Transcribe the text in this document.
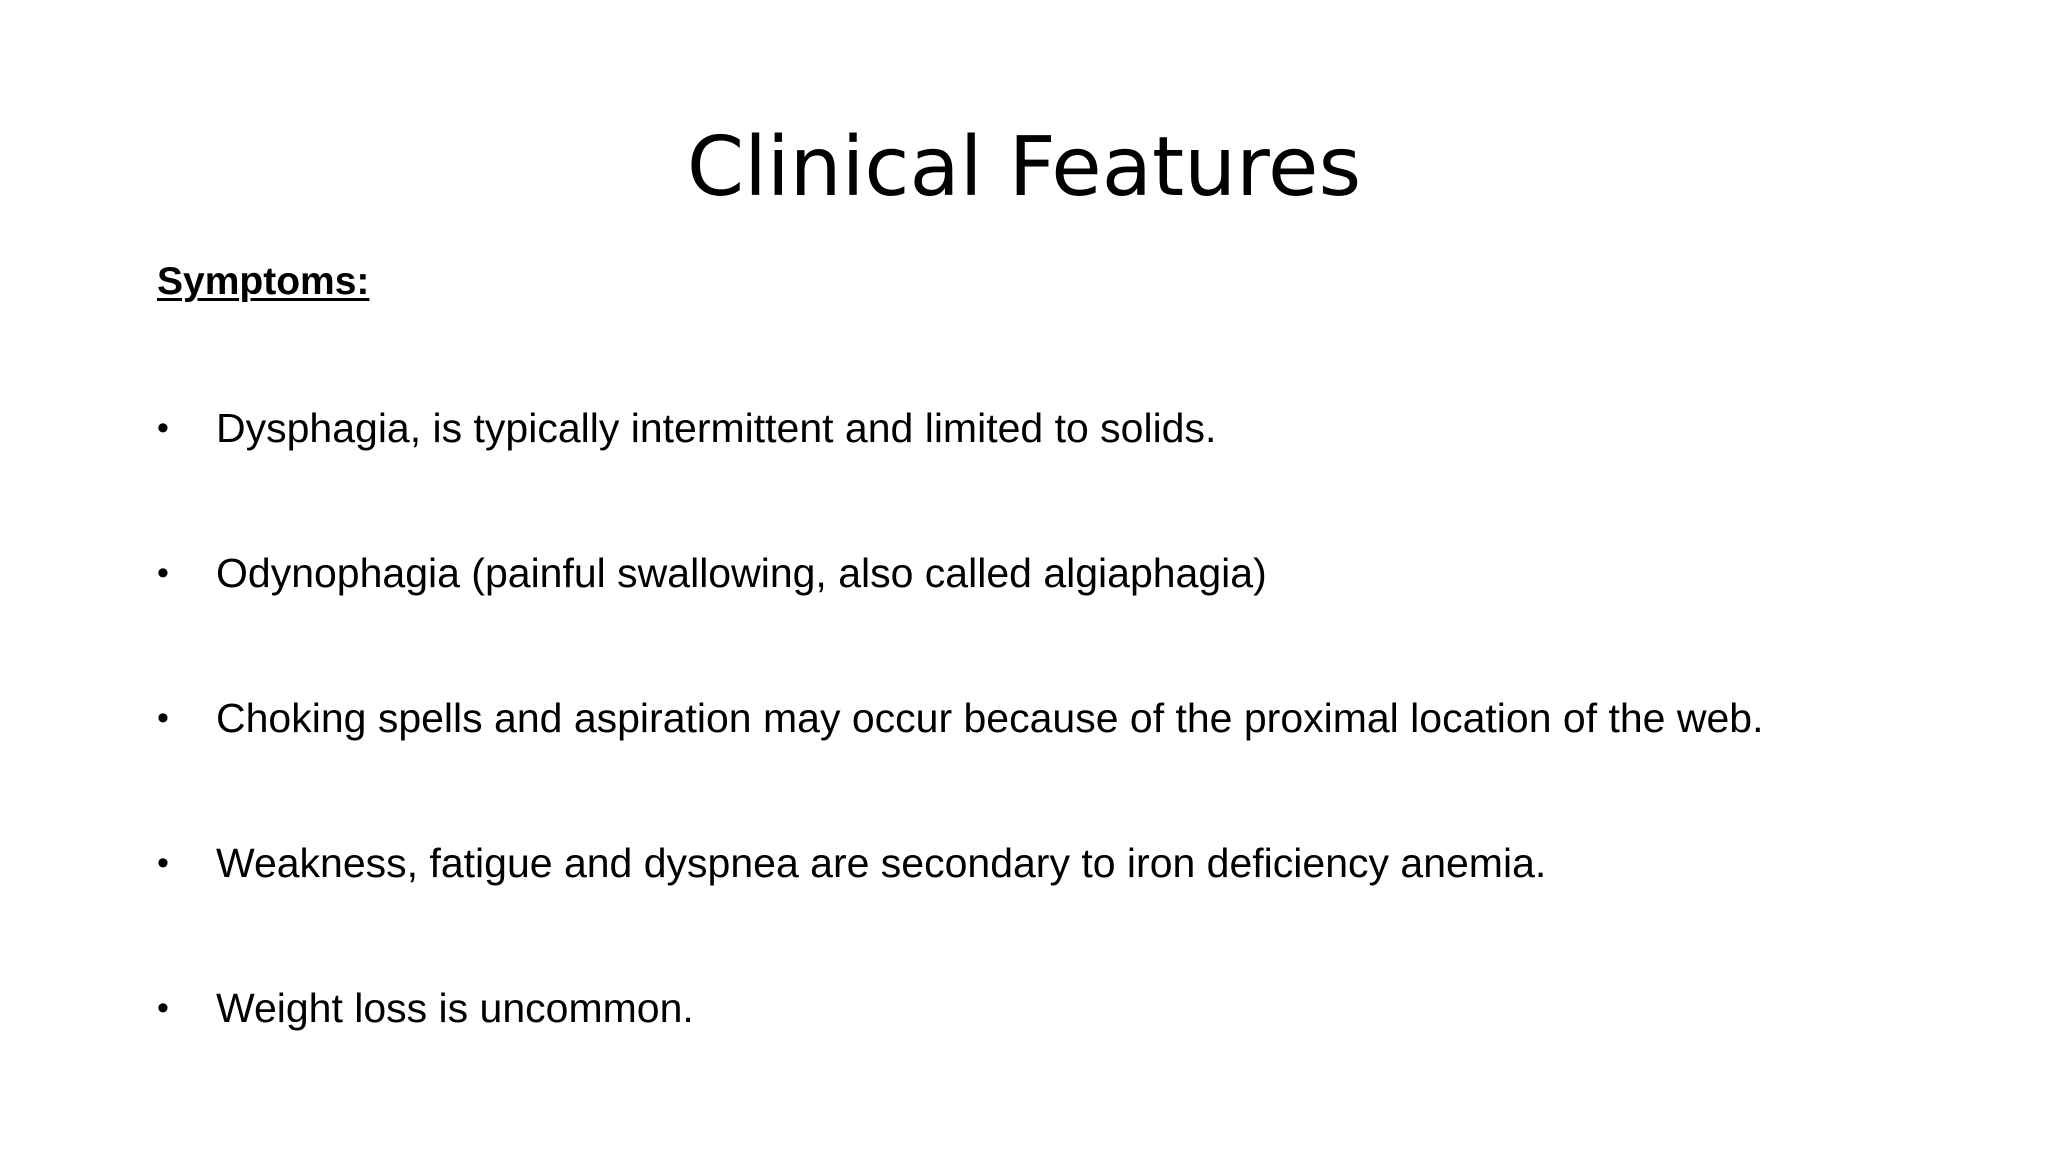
Clinical Features
Symptoms:
•	Dysphagia, is typically intermittent and limited to solids.
•	Odynophagia (painful swallowing, also called algiaphagia)
•	Choking spells and aspiration may occur because of the proximal location of the web.
•	Weakness, fatigue and dyspnea are secondary to iron deficiency anemia.
•	Weight loss is uncommon.
